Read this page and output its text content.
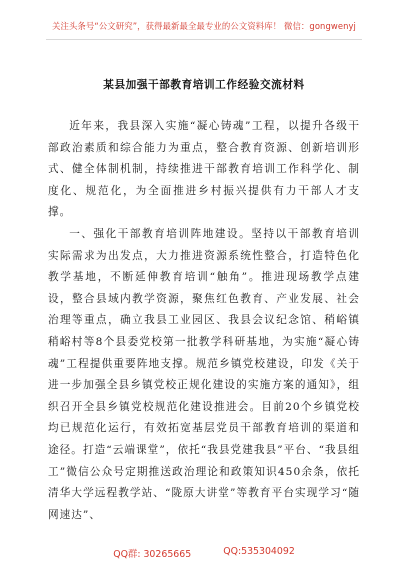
关注头条号“公文研究”，获得最新最全最专业的公文资料库！ 微信：gongwenyj
某县加强干部教育培训工作经验交流材料

近年来，我县深入实施“凝心铸魂”工程，以提升各级干部政治素质和综合能力为重点，整合教育资源、创新培训形式、健全体制机制，持续推进干部教育培训工作科学化、制度化、规范化，为全面推进乡村振兴提供有力干部人才支撑。

一、强化干部教育培训阵地建设。坚持以干部教育培训实际需求为出发点，大力推进资源系统性整合，打造特色化教学基地，不断延伸教育培训“触角”。推进现场教学点建设，整合县域内教学资源，聚焦红色教育、产业发展、社会治理等重点，确立我县工业园区、我县会议纪念馆、稍峪镇稍峪村等8个县委党校第一批教学科研基地，为实施“凝心铸魂”工程提供重要阵地支撑。规范乡镇党校建设，印发《关于进一步加强全县乡镇党校正规化建设的实施方案的通知》，组织召开全县乡镇党校规范化建设推进会。目前20个乡镇党校均已规范化运行，有效拓宽基层党员干部教育培训的渠道和途径。打造“云端课堂”，依托“我县党建我县”平台、“我县组工”微信公众号定期推送政治理论和政策知识450余条，依托清华大学远程教学站、“陇原大讲堂”等教育平台实现学习“随网速达”、

QQ群: 30265665	QQ:535304092
